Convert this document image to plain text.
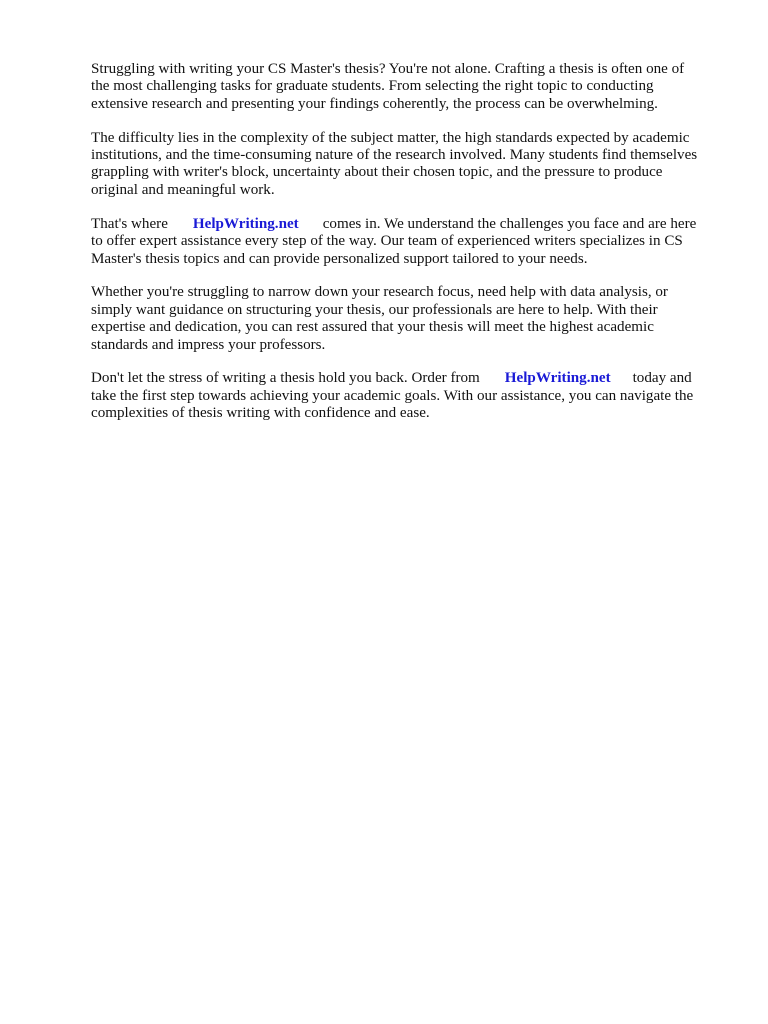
Struggling with writing your CS Master's thesis? You're not alone. Crafting a thesis is often one of
the most challenging tasks for graduate students. From selecting the right topic to conducting
extensive research and presenting your findings coherently, the process can be overwhelming.

The difficulty lies in the complexity of the subject matter, the high standards expected by academic
institutions, and the time-consuming nature of the research involved. Many students find themselves
grappling with writer's block, uncertainty about their chosen topic, and the pressure to produce
original and meaningful work.

That's where HelpWriting.net comes in. We understand the challenges you face and are here
to offer expert assistance every step of the way. Our team of experienced writers specializes in CS
Master's thesis topics and can provide personalized support tailored to your needs.

Whether you're struggling to narrow down your research focus, need help with data analysis, or
simply want guidance on structuring your thesis, our professionals are here to help. With their
expertise and dedication, you can rest assured that your thesis will meet the highest academic
standards and impress your professors.

Don't let the stress of writing a thesis hold you back. Order from HelpWriting.net today and
take the first step towards achieving your academic goals. With our assistance, you can navigate the
complexities of thesis writing with confidence and ease.
